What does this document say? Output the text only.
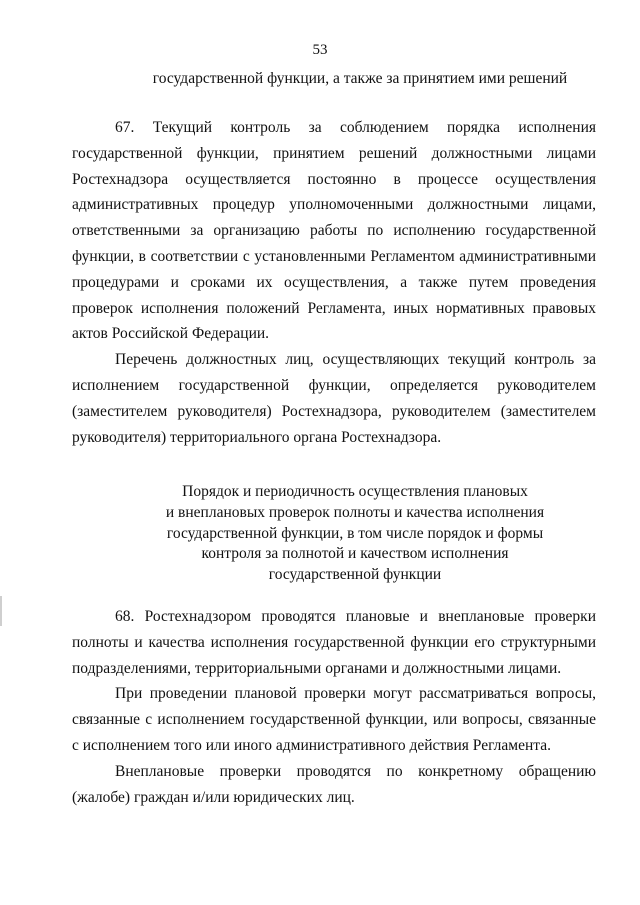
53
государственной функции, а также за принятием ими решений

67. Текущий контроль за соблюдением порядка исполнения государственной функции, принятием решений должностными лицами Ростехнадзора осуществляется постоянно в процессе осуществления административных процедур уполномоченными должностными лицами, ответственными за организацию работы по исполнению государственной функции, в соответствии с установленными Регламентом административными процедурами и сроками их осуществления, а также путем проведения проверок исполнения положений Регламента, иных нормативных правовых актов Российской Федерации.

Перечень должностных лиц, осуществляющих текущий контроль за исполнением государственной функции, определяется руководителем (заместителем руководителя) Ростехнадзора, руководителем (заместителем руководителя) территориального органа Ростехнадзора.

Порядок и периодичность осуществления плановых
и внеплановых проверок полноты и качества исполнения
государственной функции, в том числе порядок и формы
контроля за полнотой и качеством исполнения
государственной функции

68. Ростехнадзором проводятся плановые и внеплановые проверки полноты и качества исполнения государственной функции его структурными подразделениями, территориальными органами и должностными лицами.

При проведении плановой проверки могут рассматриваться вопросы, связанные с исполнением государственной функции, или вопросы, связанные с исполнением того или иного административного действия Регламента.

Внеплановые проверки проводятся по конкретному обращению (жалобе) граждан и/или юридических лиц.
